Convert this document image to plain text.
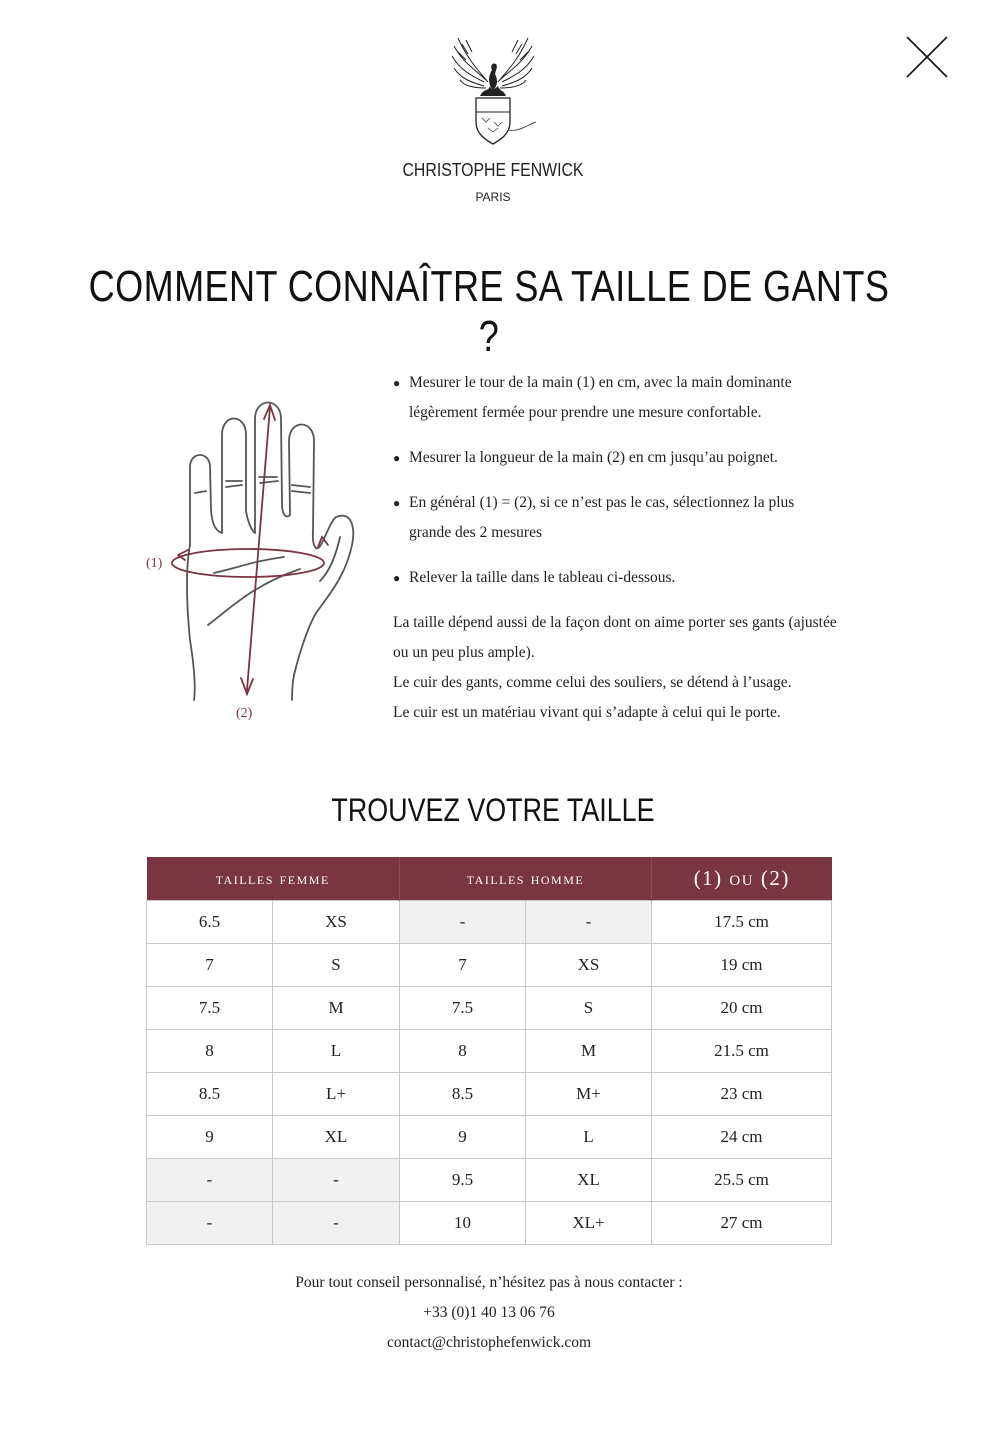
CHRISTOPHE FENWICK
PARIS
COMMENT CONNAÎTRE SA TAILLE DE GANTS ?
(1)
(2)
● Mesurer le tour de la main (1) en cm, avec la main dominante légèrement fermée pour prendre une mesure confortable.
● Mesurer la longueur de la main (2) en cm jusqu’au poignet.
● En général (1) = (2), si ce n’est pas le cas, sélectionnez la plus grande des 2 mesures
● Relever la taille dans le tableau ci-dessous.

La taille dépend aussi de la façon dont on aime porter ses gants (ajustée ou un peu plus ample).

Le cuir des gants, comme celui des souliers, se détend à l’usage.

Le cuir est un matériau vivant qui s’adapte à celui qui le porte.

TROUVEZ VOTRE TAILLE
tailles femme		tailles homme		(1) ou (2)
6.5	XS	-	-	17.5 cm
7	S	7	XS	19 cm
7.5	M	7.5	S	20 cm
8	L	8	M	21.5 cm
8.5	L+	8.5	M+	23 cm
9	XL	9	L	24 cm
-	-	9.5	XL	25.5 cm
-	-	10	XL+	27 cm
Pour tout conseil personnalisé, n’hésitez pas à nous contacter :
+33 (0)1 40 13 06 76
contact@christophefenwick.com
